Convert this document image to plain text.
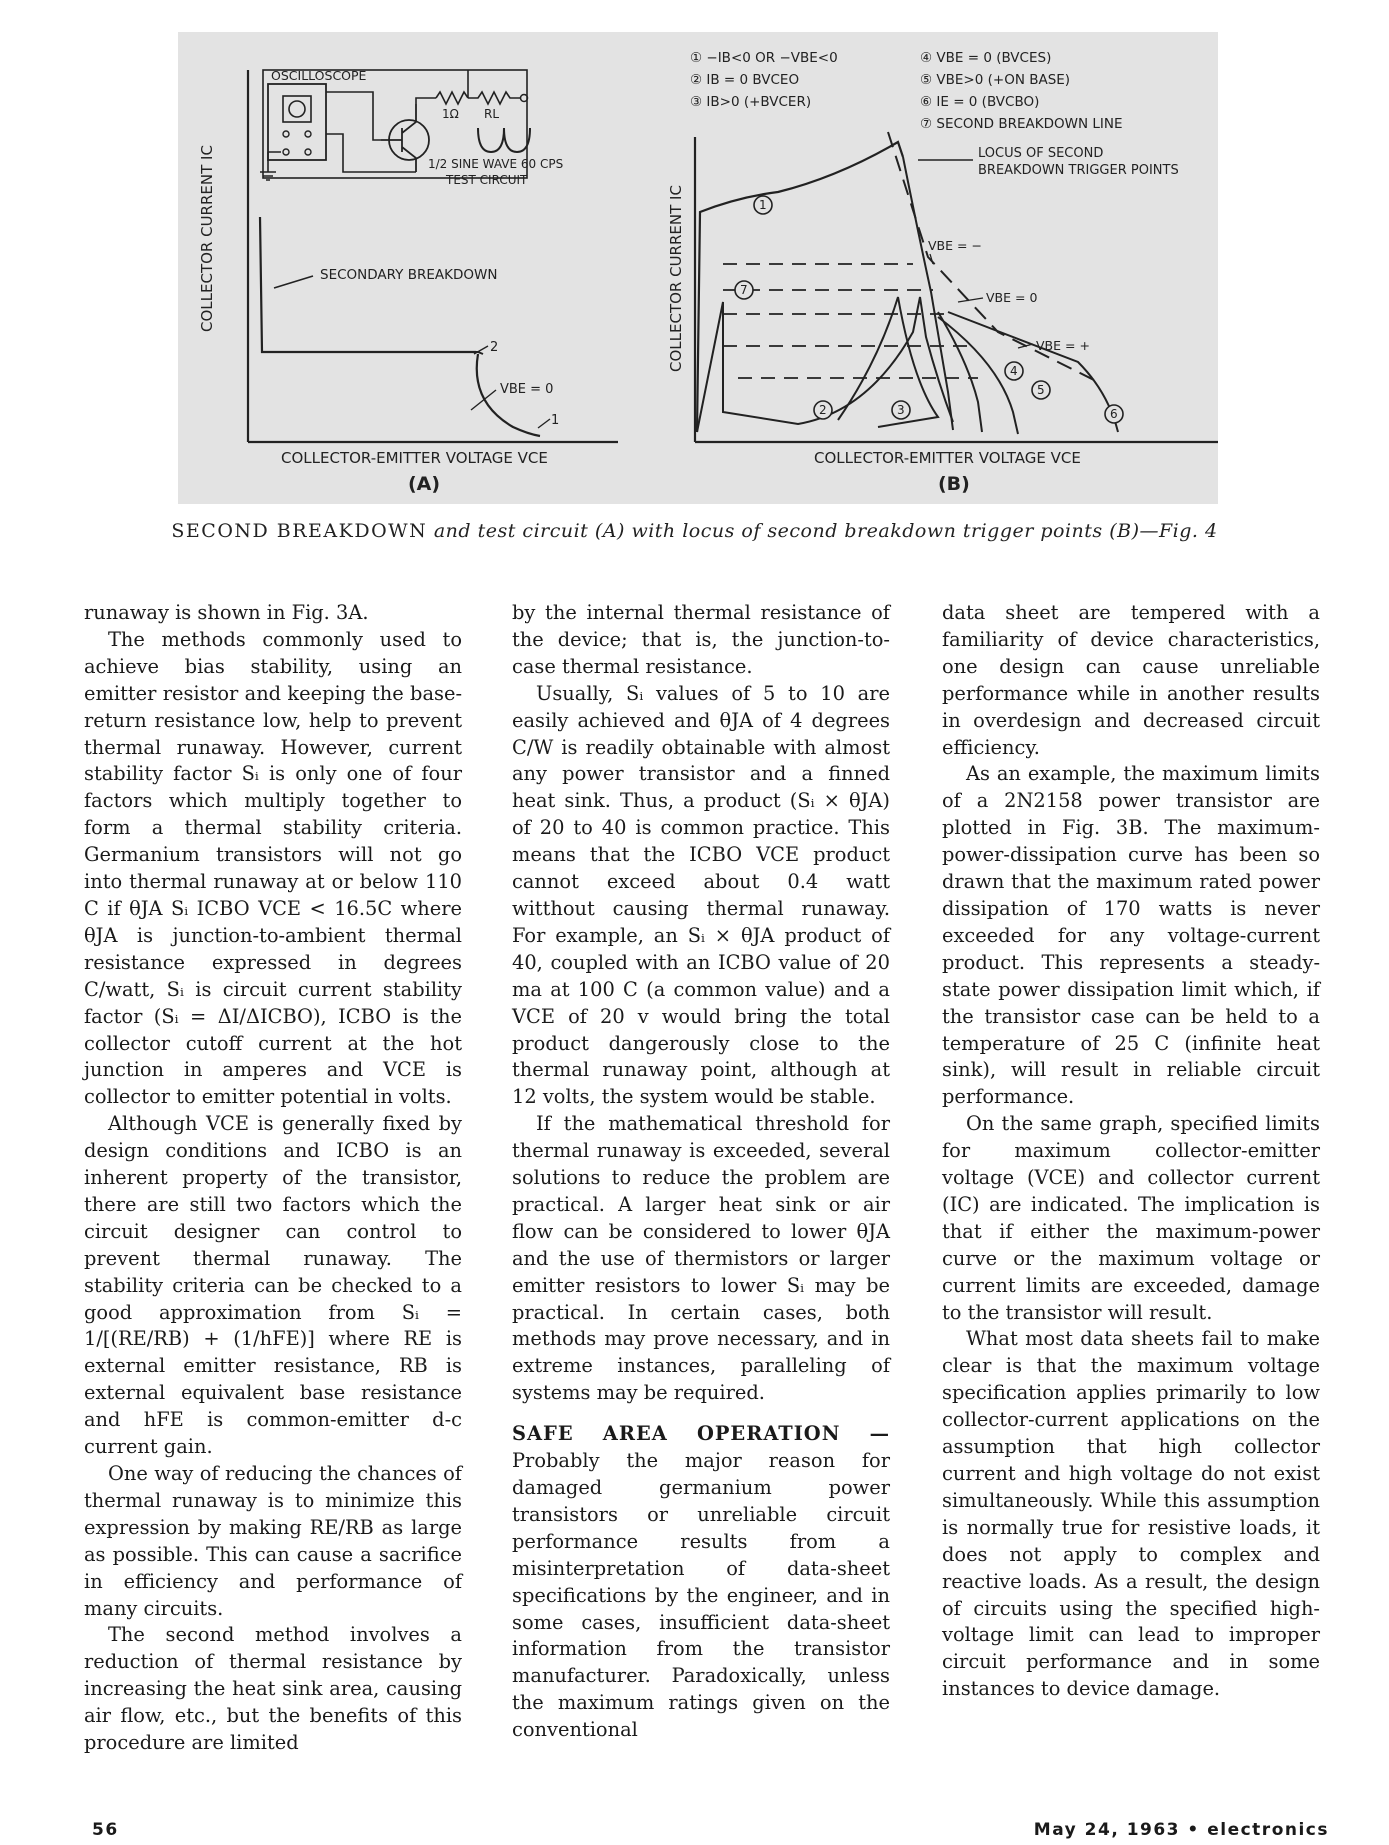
COLLECTOR CURRENT IC
COLLECTOR-EMITTER VOLTAGE VCE
(A)
SECONDARY BREAKDOWN
2
VBE = 0
1
OSCILLOSCOPE
1Ω RL
1/2 SINE WAVE 60 CPS
TEST CIRCUIT
COLLECTOR CURRENT IC
COLLECTOR-EMITTER VOLTAGE VCE
(B)
① −IB<0 OR −VBE<0
② IB = 0 BVCEO
③ IB>0 (+BVCER)
④ VBE = 0 (BVCES)
⑤ VBE>0 (+ON BASE)
⑥ IE = 0 (BVCBO)
⑦ SECOND BREAKDOWN LINE
LOCUS OF SECOND
BREAKDOWN TRIGGER POINTS
VBE = −
VBE = 0
VBE = +
1
7
2	3
4
5
6
SECOND BREAKDOWN and test circuit (A) with locus of second breakdown trigger points (B)—Fig. 4

runaway is shown in Fig. 3A.

The methods commonly used to achieve bias stability, using an emitter resistor and keeping the base-return resistance low, help to prevent thermal runaway. However, current stability factor Sᵢ is only one of four factors which multiply together to form a thermal stability criteria. Germanium transistors will not go into thermal runaway at or below 110 C if θJA Sᵢ ICBO VCE < 16.5C where θJA is junction-to-ambient thermal resistance expressed in degrees C/watt, Sᵢ is circuit current stability factor (Sᵢ = ΔI/ΔICBO), ICBO is the collector cutoff current at the hot junction in amperes and VCE is collector to emitter potential in volts.

Although VCE is generally fixed by design conditions and ICBO is an inherent property of the transistor, there are still two factors which the circuit designer can control to prevent thermal runaway. The stability criteria can be checked to a good approximation from Sᵢ = 1/[(RE/RB) + (1/hFE)] where RE is external emitter resistance, RB is external equivalent base resistance and hFE is common-emitter d-c current gain.

One way of reducing the chances of thermal runaway is to minimize this expression by making RE/RB as large as possible. This can cause a sacrifice in efficiency and performance of many circuits.

The second method involves a reduction of thermal resistance by increasing the heat sink area, causing air flow, etc., but the benefits of this procedure are limited

by the internal thermal resistance of the device; that is, the junction-to-case thermal resistance.

Usually, Sᵢ values of 5 to 10 are easily achieved and θJA of 4 degrees C/W is readily obtainable with almost any power transistor and a finned heat sink. Thus, a product (Sᵢ × θJA) of 20 to 40 is common practice. This means that the ICBO VCE product cannot exceed about 0.4 watt witthout causing thermal runaway. For example, an Sᵢ × θJA product of 40, coupled with an ICBO value of 20 ma at 100 C (a common value) and a VCE of 20 v would bring the total product dangerously close to the thermal runaway point, although at 12 volts, the system would be stable.

If the mathematical threshold for thermal runaway is exceeded, several solutions to reduce the problem are practical. A larger heat sink or air flow can be considered to lower θJA and the use of thermistors or larger emitter resistors to lower Sᵢ may be practical. In certain cases, both methods may prove necessary, and in extreme instances, paralleling of systems may be required.

SAFE AREA OPERATION — Probably the major reason for damaged germanium power transistors or unreliable circuit performance results from a misinterpretation of data-sheet specifications by the engineer, and in some cases, insufficient data-sheet information from the transistor manufacturer. Paradoxically, unless the maximum ratings given on the conventional

data sheet are tempered with a familiarity of device characteristics, one design can cause unreliable performance while in another results in overdesign and decreased circuit efficiency.

As an example, the maximum limits of a 2N2158 power transistor are plotted in Fig. 3B. The maximum-power-dissipation curve has been so drawn that the maximum rated power dissipation of 170 watts is never exceeded for any voltage-current product. This represents a steady-state power dissipation limit which, if the transistor case can be held to a temperature of 25 C (infinite heat sink), will result in reliable circuit performance.

On the same graph, specified limits for maximum collector-emitter voltage (VCE) and collector current (IC) are indicated. The implication is that if either the maximum-power curve or the maximum voltage or current limits are exceeded, damage to the transistor will result.

What most data sheets fail to make clear is that the maximum voltage specification applies primarily to low collector-current applications on the assumption that high collector current and high voltage do not exist simultaneously. While this assumption is normally true for resistive loads, it does not apply to complex and reactive loads. As a result, the design of circuits using the specified high-voltage limit can lead to improper circuit performance and in some instances to device damage.

56	May 24, 1963 • electronics
